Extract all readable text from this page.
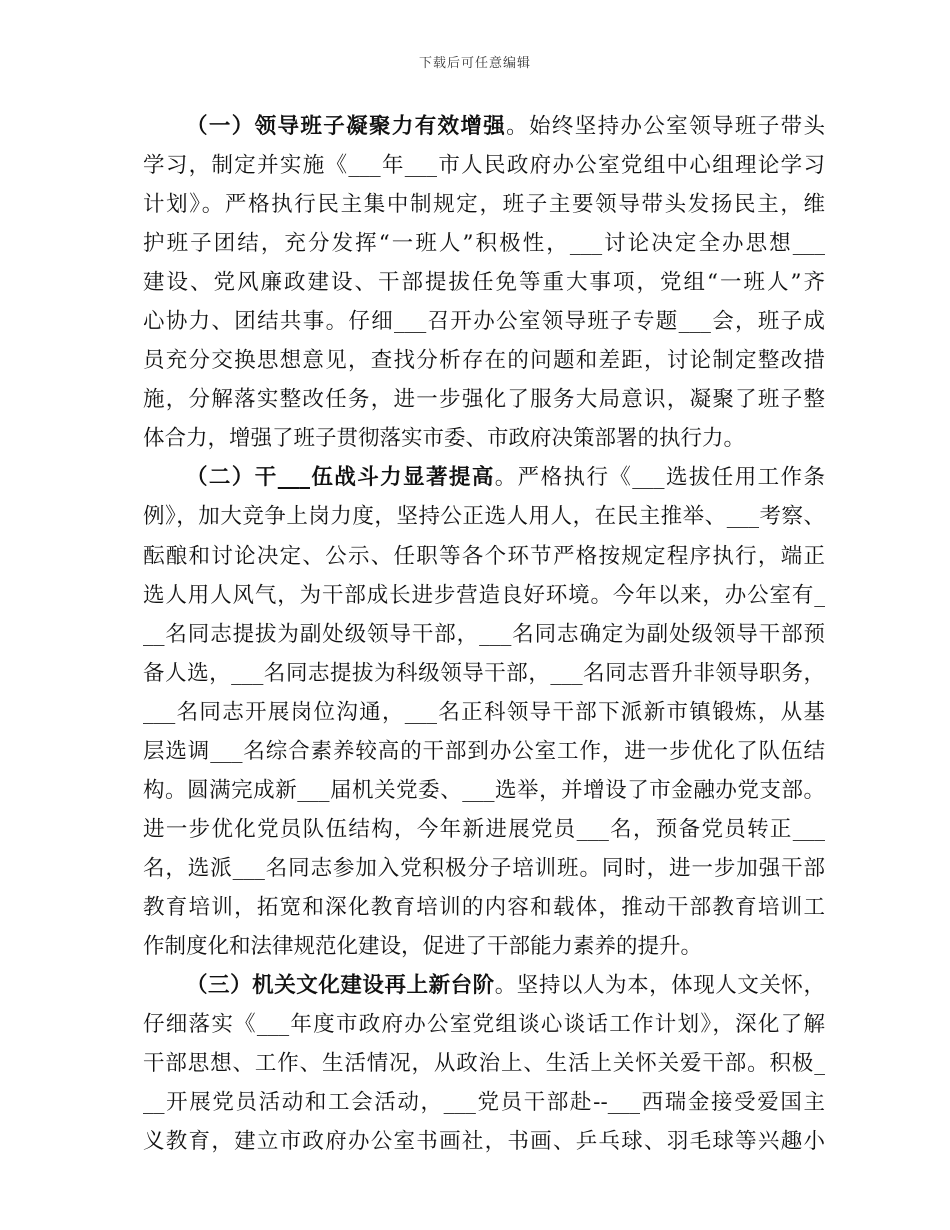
下载后可任意编辑
（一）领导班子凝聚力有效增强。始终坚持办公室领导班子带头
学习，制定并实施《___年___市人民政府办公室党组中心组理论学习
计划》。严格执行民主集中制规定，班子主要领导带头发扬民主，维
护班子团结，充分发挥“一班人”积极性，___讨论决定全办思想___
建设、党风廉政建设、干部提拔任免等重大事项，党组“一班人”齐
心协力、团结共事。仔细___召开办公室领导班子专题___会，班子成
员充分交换思想意见，查找分析存在的问题和差距，讨论制定整改措
施，分解落实整改任务，进一步强化了服务大局意识，凝聚了班子整
体合力，增强了班子贯彻落实市委、市政府决策部署的执行力。
（二）干___伍战斗力显著提高。严格执行《___选拔任用工作条
例》，加大竞争上岗力度，坚持公正选人用人，在民主推举、___考察、
酝酿和讨论决定、公示、任职等各个环节严格按规定程序执行，端正
选人用人风气，为干部成长进步营造良好环境。今年以来，办公室有_
__名同志提拔为副处级领导干部，___名同志确定为副处级领导干部预
备人选，___名同志提拔为科级领导干部，___名同志晋升非领导职务，
___名同志开展岗位沟通，___名正科领导干部下派新市镇锻炼，从基
层选调___名综合素养较高的干部到办公室工作，进一步优化了队伍结
构。圆满完成新___届机关党委、___选举，并增设了市金融办党支部。
进一步优化党员队伍结构，今年新进展党员___名，预备党员转正___
名，选派___名同志参加入党积极分子培训班。同时，进一步加强干部
教育培训，拓宽和深化教育培训的内容和载体，推动干部教育培训工
作制度化和法律规范化建设，促进了干部能力素养的提升。
（三）机关文化建设再上新台阶。坚持以人为本，体现人文关怀，
仔细落实《___年度市政府办公室党组谈心谈话工作计划》，深化了解
干部思想、工作、生活情况，从政治上、生活上关怀关爱干部。积极_
__开展党员活动和工会活动，___党员干部赴--___西瑞金接受爱国主
义教育，建立市政府办公室书画社，书画、乒乓球、羽毛球等兴趣小
